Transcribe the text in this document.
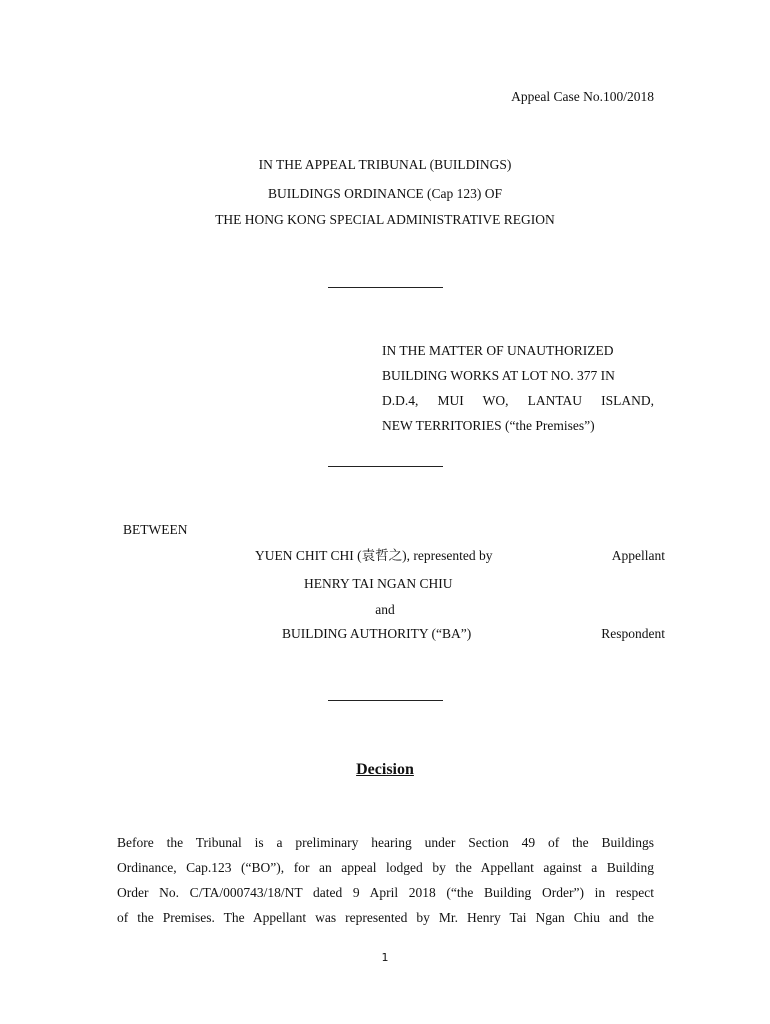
Appeal Case No.100/2018
IN THE APPEAL TRIBUNAL (BUILDINGS)
BUILDINGS ORDINANCE (Cap 123) OF
THE HONG KONG SPECIAL ADMINISTRATIVE REGION
IN THE MATTER OF UNAUTHORIZED
BUILDING WORKS AT LOT NO. 377 IN
D.D.4, MUI WO, LANTAU ISLAND,
NEW TERRITORIES (“the Premises”)
BETWEEN
YUEN CHIT CHI (袁哲之), represented by	Appellant
HENRY TAI NGAN CHIU
and
BUILDING AUTHORITY (“BA”)	Respondent
Decision
Before the Tribunal is a preliminary hearing under Section 49 of the Buildings
Ordinance, Cap.123 (“BO”), for an appeal lodged by the Appellant against a Building
Order No. C/TA/000743/18/NT dated 9 April 2018 (“the Building Order”) in respect
of the Premises. The Appellant was represented by Mr. Henry Tai Ngan Chiu and the
1
